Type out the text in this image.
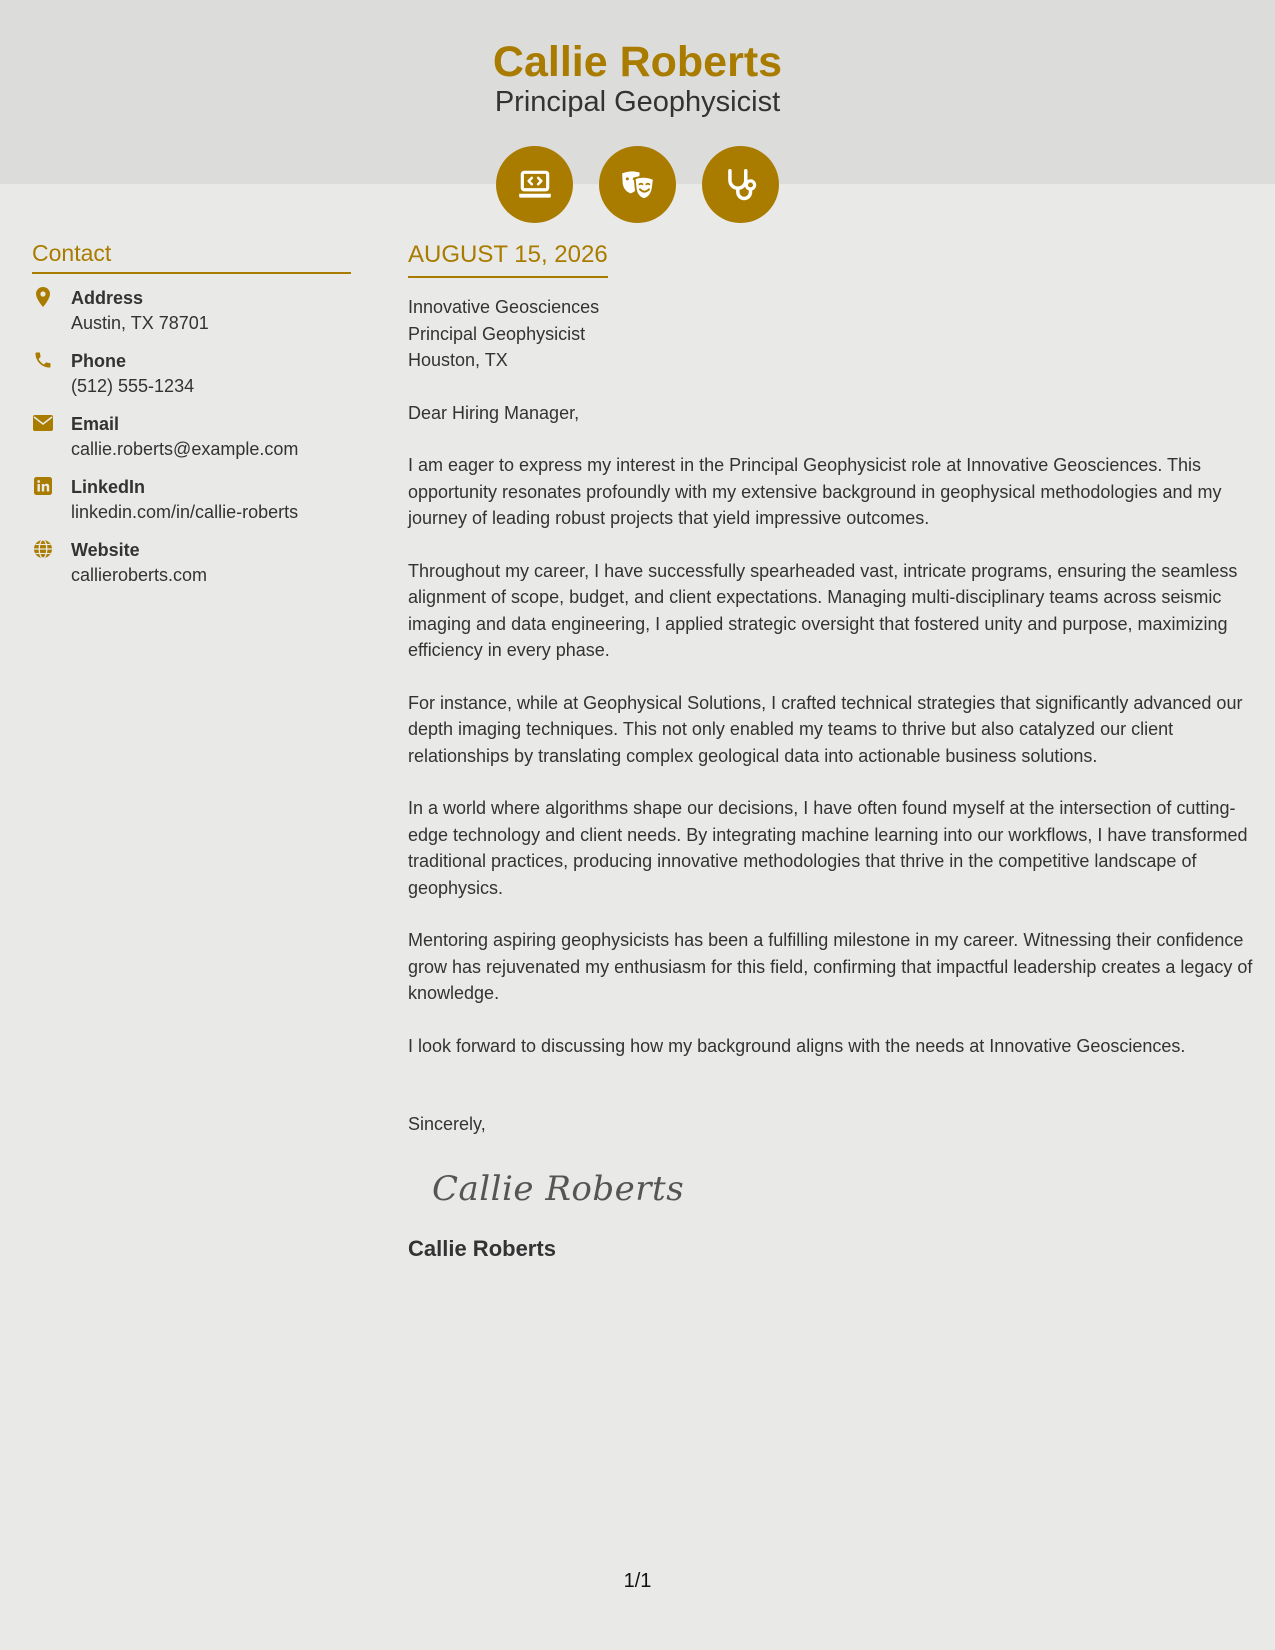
Callie Roberts
Principal Geophysicist
Contact
Address
Austin, TX 78701
Phone
(512) 555-1234
Email
callie.roberts@example.com
LinkedIn
linkedin.com/in/callie-roberts
Website
callieroberts.com
AUGUST 15, 2026
Innovative Geosciences
Principal Geophysicist
Houston, TX
Dear Hiring Manager,

I am eager to express my interest in the Principal Geophysicist role at Innovative Geosciences. This opportunity resonates profoundly with my extensive background in geophysical methodologies and my journey of leading robust projects that yield impressive outcomes.

Throughout my career, I have successfully spearheaded vast, intricate programs, ensuring the seamless alignment of scope, budget, and client expectations. Managing multi-disciplinary teams across seismic imaging and data engineering, I applied strategic oversight that fostered unity and purpose, maximizing efficiency in every phase.

For instance, while at Geophysical Solutions, I crafted technical strategies that significantly advanced our depth imaging techniques. This not only enabled my teams to thrive but also catalyzed our client relationships by translating complex geological data into actionable business solutions.

In a world where algorithms shape our decisions, I have often found myself at the intersection of cutting-edge technology and client needs. By integrating machine learning into our workflows, I have transformed traditional practices, producing innovative methodologies that thrive in the competitive landscape of geophysics.

Mentoring aspiring geophysicists has been a fulfilling milestone in my career. Witnessing their confidence grow has rejuvenated my enthusiasm for this field, confirming that impactful leadership creates a legacy of knowledge.

I look forward to discussing how my background aligns with the needs at Innovative Geosciences.

Sincerely,
Callie Roberts
Callie Roberts
1/1
